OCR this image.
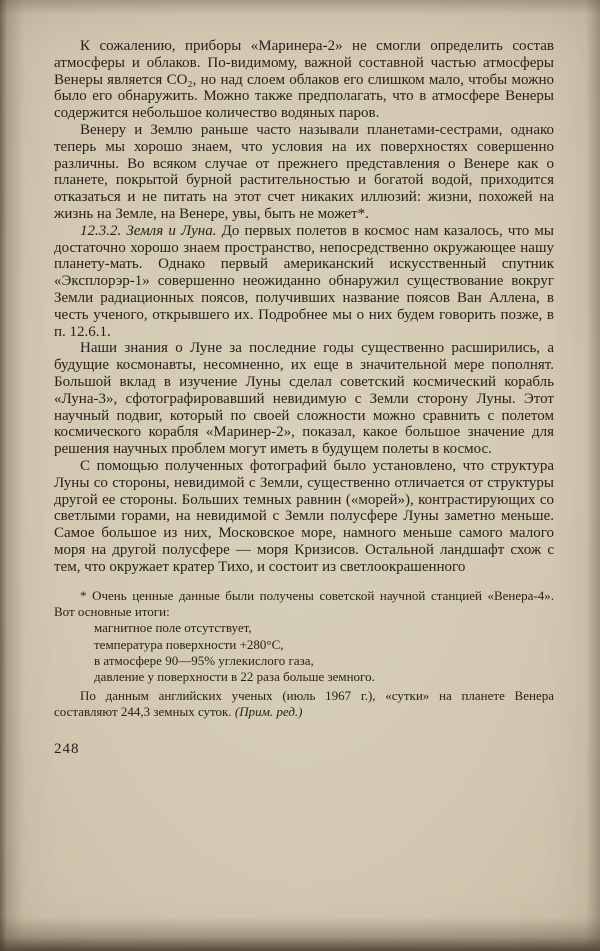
К сожалению, приборы «Маринера-2» не смогли определить состав атмосферы и облаков. По-видимому, важной составной частью атмосферы Венеры является CO₂, но над слоем облаков его слишком мало, чтобы можно было его обнаружить. Можно также предполагать, что в атмосфере Венеры содержится небольшое количество водяных паров.

Венеру и Землю раньше часто называли планетами-сестрами, однако теперь мы хорошо знаем, что условия на их поверхностях совершенно различны. Во всяком случае от прежнего представления о Венере как о планете, покрытой бурной растительностью и богатой водой, приходится отказаться и не питать на этот счет никаких иллюзий: жизни, похожей на жизнь на Земле, на Венере, увы, быть не может*.

12.3.2. Земля и Луна. До первых полетов в космос нам казалось, что мы достаточно хорошо знаем пространство, непосредственно окружающее нашу планету-мать. Однако первый американский искусственный спутник «Эксплорэр-1» совершенно неожиданно обнаружил существование вокруг Земли радиационных поясов, получивших название поясов Ван Аллена, в честь ученого, открывшего их. Подробнее мы о них будем говорить позже, в п. 12.6.1.

Наши знания о Луне за последние годы существенно расширились, а будущие космонавты, несомненно, их еще в значительной мере пополнят. Большой вклад в изучение Луны сделал советский космический корабль «Луна-3», сфотографировавший невидимую с Земли сторону Луны. Этот научный подвиг, который по своей сложности можно сравнить с полетом космического корабля «Маринер-2», показал, какое большое значение для решения научных проблем могут иметь в будущем полеты в космос.

С помощью полученных фотографий было установлено, что структура Луны со стороны, невидимой с Земли, существенно отличается от структуры другой ее стороны. Больших темных равнин («морей»), контрастирующих со светлыми горами, на невидимой с Земли полусфере Луны заметно меньше. Самое большое из них, Московское море, намного меньше самого малого моря на другой полусфере — моря Кризисов. Остальной ландшафт схож с тем, что окружает кратер Тихо, и состоит из светлоокрашенного

* Очень ценные данные были получены советской научной станцией «Венера-4». Вот основные итоги:

магнитное поле отсутствует,

температура поверхности +280°С,

в атмосфере 90—95% углекислого газа,

давление у поверхности в 22 раза больше земного.

По данным английских ученых (июль 1967 г.), «сутки» на планете Венера составляют 244,3 земных суток. (Прим. ред.)

248
